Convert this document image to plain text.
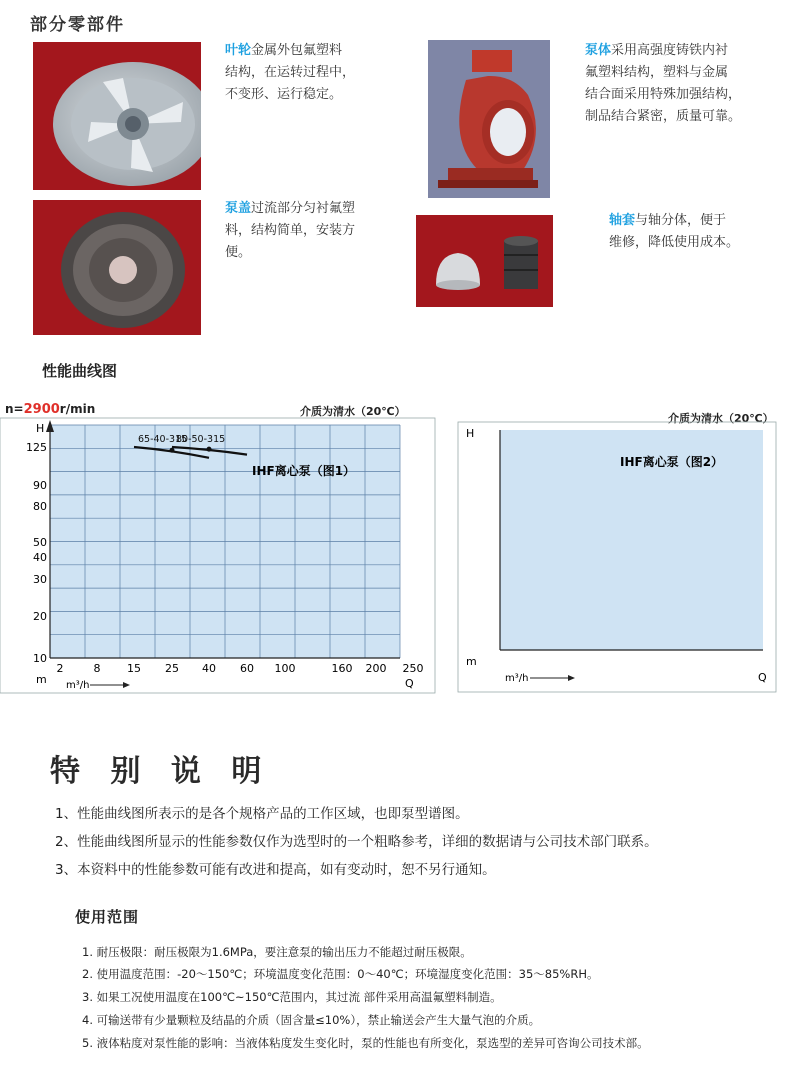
部分零部件
叶轮金属外包氟塑料
结构，在运转过程中，
不变形、运行稳定。
泵体采用高强度铸铁内衬
氟塑料结构，塑料与金属
结合面采用特殊加强结构，
制品结合紧密，质量可靠。
泵盖过流部分匀衬氟塑
料，结构简单，安装方
便。
轴套与轴分体，便于
维修，降低使用成本。
性能曲线图
n=2900r/min	介质为清水（20℃）
介质为清水（20℃）
H
m	Q
m³/h
2	8 15 25 40 60 100	160 200 250
10
20
30
40
50
80
90
125
65-40-315
80-50-315
IHF离心泵（图1）
H
m
Q
m³/h
IHF离心泵（图2）
特 别 说 明
1、性能曲线图所表示的是各个规格产品的工作区域，也即泵型谱图。
2、性能曲线图所显示的性能参数仅作为选型时的一个粗略参考，详细的数据请与公司技术部门联系。
3、本资料中的性能参数可能有改进和提高，如有变动时，恕不另行通知。
使用范围
1. 耐压极限：耐压极限为1.6MPa，要注意泵的输出压力不能超过耐压极限。
2. 使用温度范围：-20～150℃；环境温度变化范围：0～40℃；环境湿度变化范围：35～85%RH。
3. 如果工况使用温度在100℃~150℃范围内，其过流 部件采用高温氟塑料制造。
4. 可输送带有少量颗粒及结晶的介质（固含量≤10%），禁止输送会产生大量气泡的介质。
5. 液体粘度对泵性能的影响：当液体粘度发生变化时，泵的性能也有所变化，泵选型的差异可咨询公司技术部。
